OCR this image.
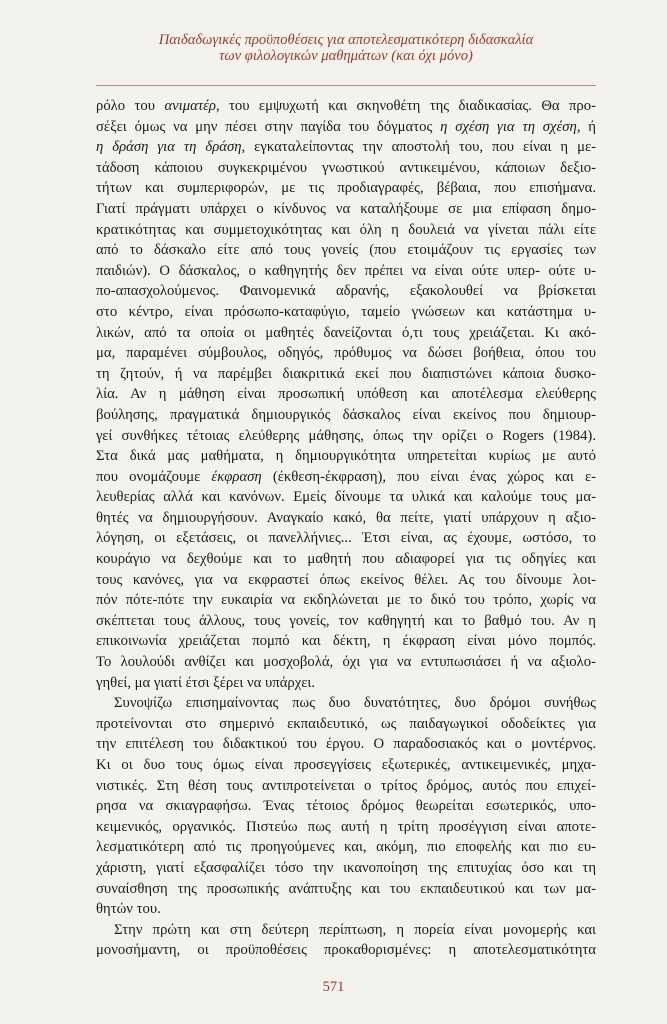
Παιδαδωγικές προϋποθέσεις για αποτελεσματικότερη διδασκαλία
των φιλολογικών μαθημάτων (και όχι μόνο)

ρόλο του ανιματέρ, του εμψυχωτή και σκηνοθέτη της διαδικασίας. Θα προ-
σέξει όμως να μην πέσει στην παγίδα του δόγματος η σχέση για τη σχέση, ή
η δράση για τη δράση, εγκαταλείποντας την αποστολή του, που είναι η με-
τάδοση κάποιου συγκεκριμένου γνωστικού αντικειμένου, κάποιων δεξιο-
τήτων και συμπεριφορών, με τις προδιαγραφές, βέβαια, που επισήμανα.
Γιατί πράγματι υπάρχει ο κίνδυνος να καταλήξουμε σε μια επίφαση δημο-
κρατικότητας και συμμετοχικότητας και όλη η δουλειά να γίνεται πάλι είτε
από το δάσκαλο είτε από τους γονείς (που ετοιμάζουν τις εργασίες των
παιδιών). Ο δάσκαλος, ο καθηγητής δεν πρέπει να είναι ούτε υπερ- ούτε υ-
πο-απασχολούμενος. Φαινομενικά αδρανής, εξακολουθεί να βρίσκεται
στο κέντρο, είναι πρόσωπο-καταφύγιο, ταμείο γνώσεων και κατάστημα υ-
λικών, από τα οποία οι μαθητές δανείζονται ό,τι τους χρειάζεται. Κι ακό-
μα, παραμένει σύμβουλος, οδηγός, πρόθυμος να δώσει βοήθεια, όπου του
τη ζητούν, ή να παρέμβει διακριτικά εκεί που διαπιστώνει κάποια δυσκο-
λία. Αν η μάθηση είναι προσωπική υπόθεση και αποτέλεσμα ελεύθερης
βούλησης, πραγματικά δημιουργικός δάσκαλος είναι εκείνος που δημιουρ-
γεί συνθήκες τέτοιας ελεύθερης μάθησης, όπως την ορίζει ο Rogers (1984).
Στα δικά μας μαθήματα, η δημιουργικότητα υπηρετείται κυρίως με αυτό
που ονομάζουμε έκφραση (έκθεση-έκφραση), που είναι ένας χώρος και ε-
λευθερίας αλλά και κανόνων. Εμείς δίνουμε τα υλικά και καλούμε τους μα-
θητές να δημιουργήσουν. Αναγκαίο κακό, θα πείτε, γιατί υπάρχουν η αξιο-
λόγηση, οι εξετάσεις, οι πανελλήνιες... Έτσι είναι, ας έχουμε, ωστόσο, το
κουράγιο να δεχθούμε και το μαθητή που αδιαφορεί για τις οδηγίες και
τους κανόνες, για να εκφραστεί όπως εκείνος θέλει. Ας του δίνουμε λοι-
πόν πότε-πότε την ευκαιρία να εκδηλώνεται με το δικό του τρόπο, χωρίς να
σκέπτεται τους άλλους, τους γονείς, τον καθηγητή και το βαθμό του. Αν η
επικοινωνία χρειάζεται πομπό και δέκτη, η έκφραση είναι μόνο πομπός.
Το λουλούδι ανθίζει και μοσχοβολά, όχι για να εντυπωσιάσει ή να αξιολο-
γηθεί, μα γιατί έτσι ξέρει να υπάρχει.

Συνοψίζω επισημαίνοντας πως δυο δυνατότητες, δυο δρόμοι συνήθως
προτείνονται στο σημερινό εκπαιδευτικό, ως παιδαγωγικοί οδοδείκτες για
την επιτέλεση του διδακτικού του έργου. Ο παραδοσιακός και ο μοντέρνος.
Κι οι δυο τους όμως είναι προσεγγίσεις εξωτερικές, αντικειμενικές, μηχα-
νιστικές. Στη θέση τους αντιπροτείνεται ο τρίτος δρόμος, αυτός που επιχεί-
ρησα να σκιαγραφήσω. Ένας τέτοιος δρόμος θεωρείται εσωτερικός, υπο-
κειμενικός, οργανικός. Πιστεύω πως αυτή η τρίτη προσέγγιση είναι αποτε-
λεσματικότερη από τις προηγούμενες και, ακόμη, πιο εποφελής και πιο ευ-
χάριστη, γιατί εξασφαλίζει τόσο την ικανοποίηση της επιτυχίας όσο και τη
συναίσθηση της προσωπικής ανάπτυξης και του εκπαιδευτικού και των μα-
θητών του.

Στην πρώτη και στη δεύτερη περίπτωση, η πορεία είναι μονομερής και
μονοσήμαντη, οι προϋποθέσεις προκαθορισμένες: η αποτελεσματικότητα

571
